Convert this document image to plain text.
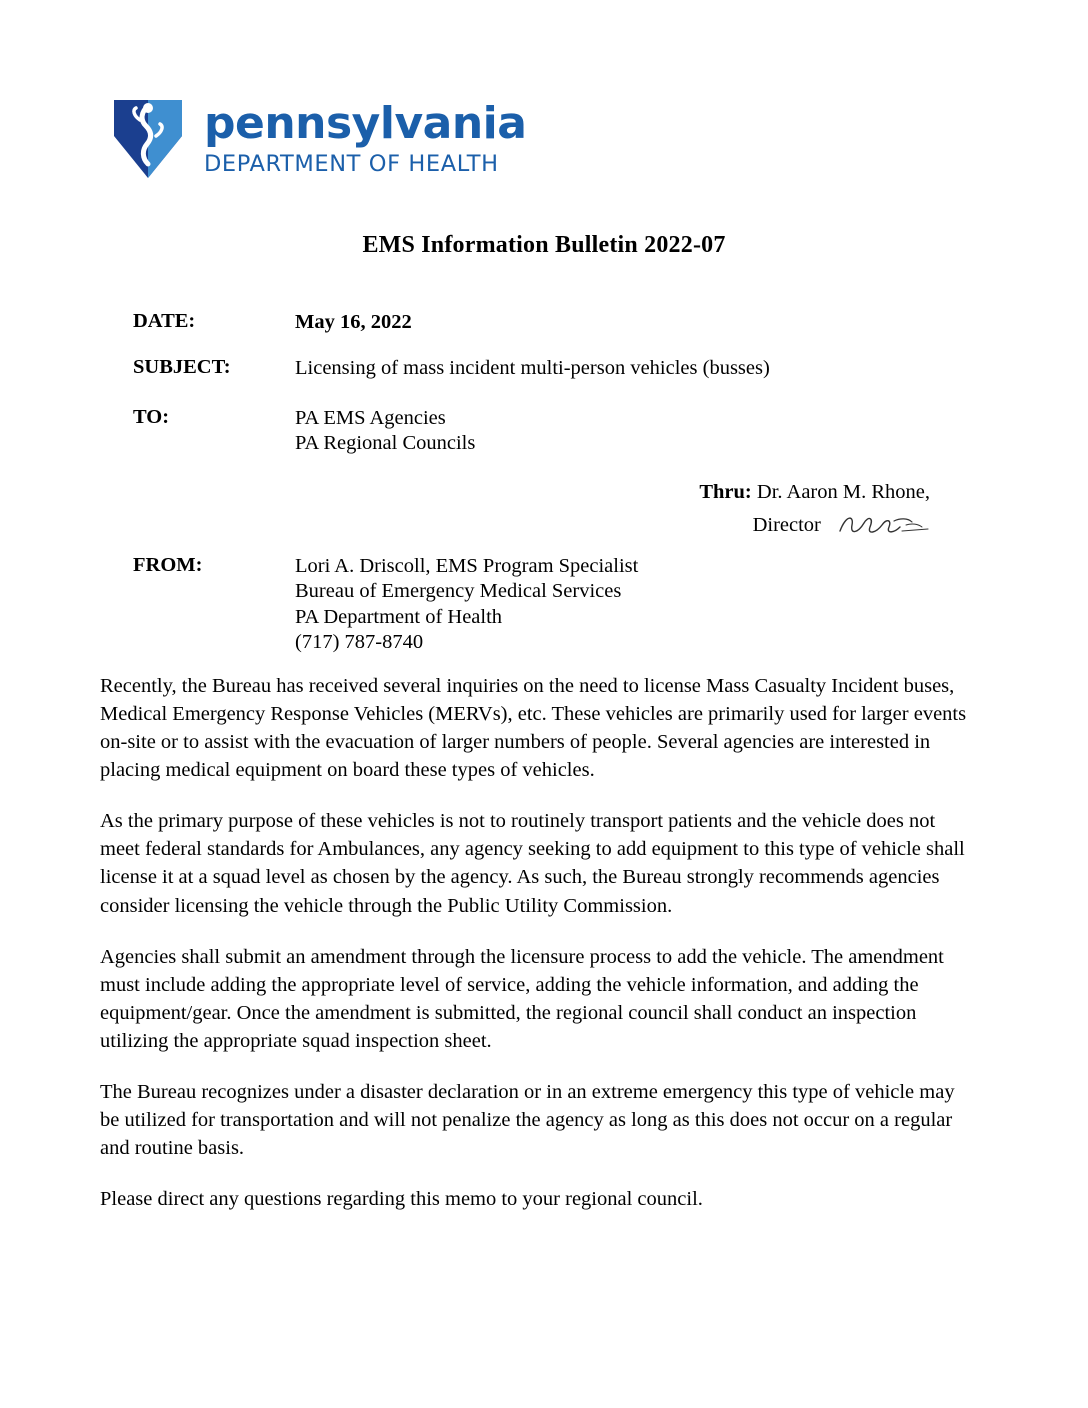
pennsylvania
DEPARTMENT OF HEALTH
EMS Information Bulletin 2022-07
DATE:	May 16, 2022
SUBJECT:	Licensing of mass incident multi-person vehicles (busses)
TO:	PA EMS Agencies
PA Regional Councils
Thru: Dr. Aaron M. Rhone,
Director
FROM:	Lori A. Driscoll, EMS Program Specialist
Bureau of Emergency Medical Services
PA Department of Health
(717) 787-8740

Recently, the Bureau has received several inquiries on the need to license Mass Casualty Incident buses, Medical Emergency Response Vehicles (MERVs), etc. These vehicles are primarily used for larger events on-site or to assist with the evacuation of larger numbers of people. Several agencies are interested in placing medical equipment on board these types of vehicles.

As the primary purpose of these vehicles is not to routinely transport patients and the vehicle does not meet federal standards for Ambulances, any agency seeking to add equipment to this type of vehicle shall license it at a squad level as chosen by the agency. As such, the Bureau strongly recommends agencies consider licensing the vehicle through the Public Utility Commission.

Agencies shall submit an amendment through the licensure process to add the vehicle. The amendment must include adding the appropriate level of service, adding the vehicle information, and adding the equipment/gear. Once the amendment is submitted, the regional council shall conduct an inspection utilizing the appropriate squad inspection sheet.

The Bureau recognizes under a disaster declaration or in an extreme emergency this type of vehicle may be utilized for transportation and will not penalize the agency as long as this does not occur on a regular and routine basis.

Please direct any questions regarding this memo to your regional council.
